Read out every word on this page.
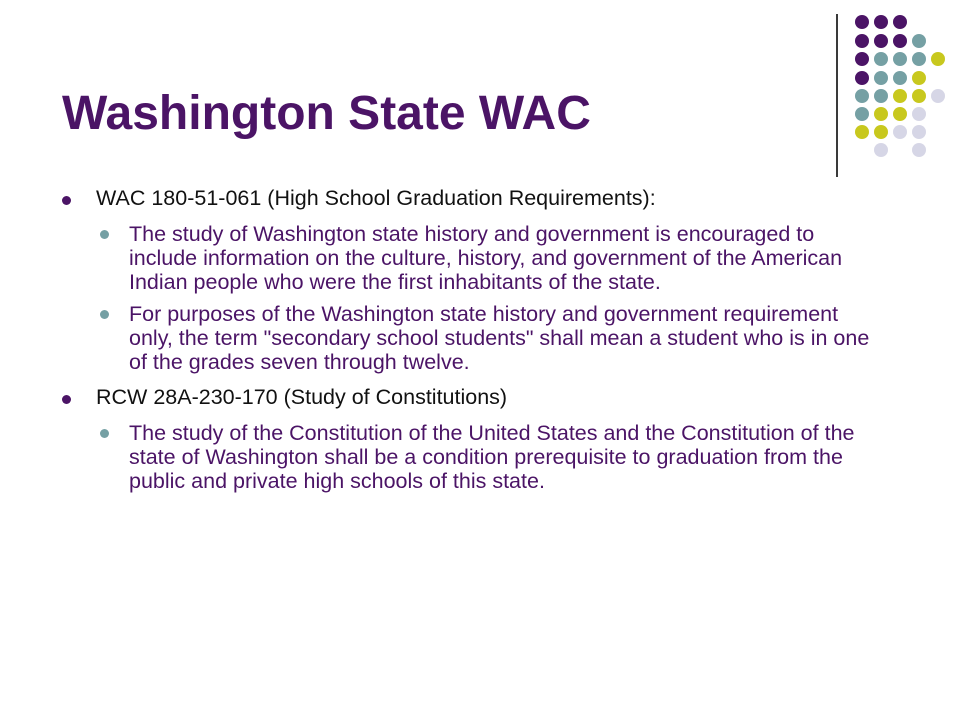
Washington State WAC
WAC 180-51-061 (High School Graduation Requirements):
The study of Washington state history and government is encouraged to include information on the culture, history, and government of the American Indian people who were the first inhabitants of the state.
For purposes of the Washington state history and government requirement only, the term "secondary school students" shall mean a student who is in one of the grades seven through twelve.
RCW 28A-230-170 (Study of Constitutions)
The study of the Constitution of the United States and the Constitution of the state of Washington shall be a condition prerequisite to graduation from the public and private high schools of this state.
